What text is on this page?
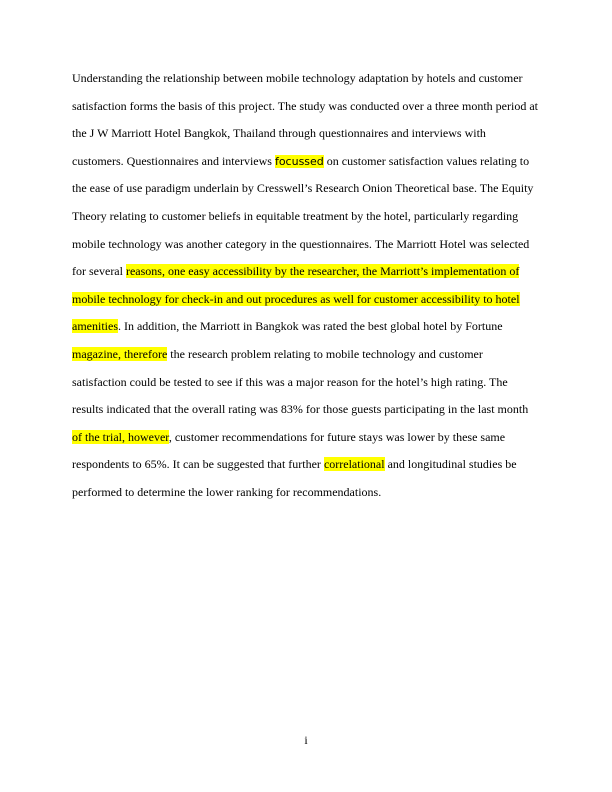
Understanding the relationship between mobile technology adaptation by hotels and customer
satisfaction forms the basis of this project. The study was conducted over a three month period at
the J W Marriott Hotel Bangkok, Thailand through questionnaires and interviews with
customers. Questionnaires and interviews focussed on customer satisfaction values relating to
the ease of use paradigm underlain by Cresswell’s Research Onion Theoretical base. The Equity
Theory relating to customer beliefs in equitable treatment by the hotel, particularly regarding
mobile technology was another category in the questionnaires. The Marriott Hotel was selected
for several reasons, one easy accessibility by the researcher, the Marriott’s implementation of
mobile technology for check-in and out procedures as well for customer accessibility to hotel
amenities. In addition, the Marriott in Bangkok was rated the best global hotel by Fortune
magazine, therefore the research problem relating to mobile technology and customer
satisfaction could be tested to see if this was a major reason for the hotel’s high rating. The
results indicated that the overall rating was 83% for those guests participating in the last month
of the trial, however, customer recommendations for future stays was lower by these same
respondents to 65%. It can be suggested that further correlational and longitudinal studies be
performed to determine the lower ranking for recommendations.
i
